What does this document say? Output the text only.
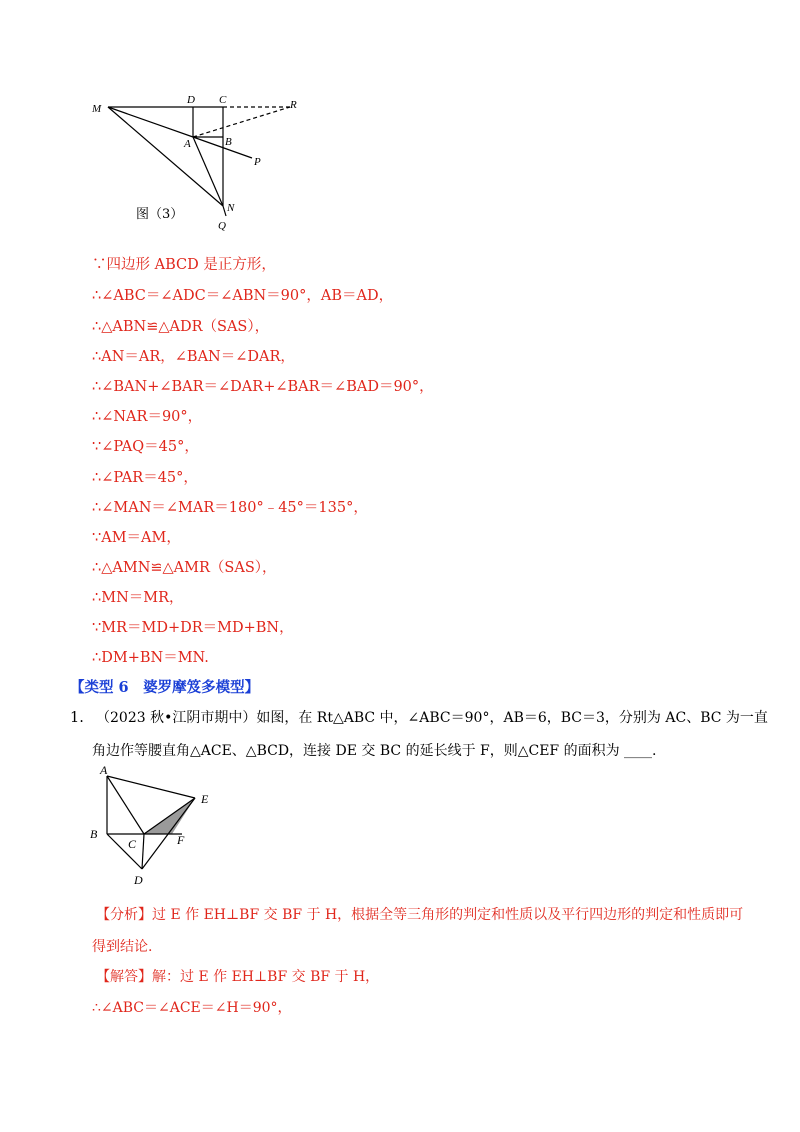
M
D C	R
A	B
P
N
Q
图（3）
∵四边形 ABCD 是正方形，
∴∠ABC＝∠ADC＝∠ABN＝90°，AB＝AD，
∴△ABN≌△ADR（SAS），
∴AN＝AR，∠BAN＝∠DAR，
∴∠BAN+∠BAR＝∠DAR+∠BAR＝∠BAD＝90°，
∴∠NAR＝90°，
∵∠PAQ＝45°，
∴∠PAR＝45°，
∴∠MAN＝∠MAR＝180°﹣45°＝135°，
∵AM＝AM，
∴△AMN≌△AMR（SAS），
∴MN＝MR，
∵MR＝MD+DR＝MD+BN，
∴DM+BN＝MN.
【类型 6　婆罗摩笈多模型】
1. （2023 秋•江阴市期中）如图，在 Rt△ABC 中，∠ABC＝90°，AB＝6，BC＝3，分别为 AC、BC 为一直
角边作等腰直角△ACE、△BCD，连接 DE 交 BC 的延长线于 F，则△CEF 的面积为 ____.
A
E
B
C	F
D
【分析】过 E 作 EH⊥BF 交 BF 于 H，根据全等三角形的判定和性质以及平行四边形的判定和性质即可
得到结论.
【解答】解：过 E 作 EH⊥BF 交 BF 于 H，
∴∠ABC＝∠ACE＝∠H＝90°，
